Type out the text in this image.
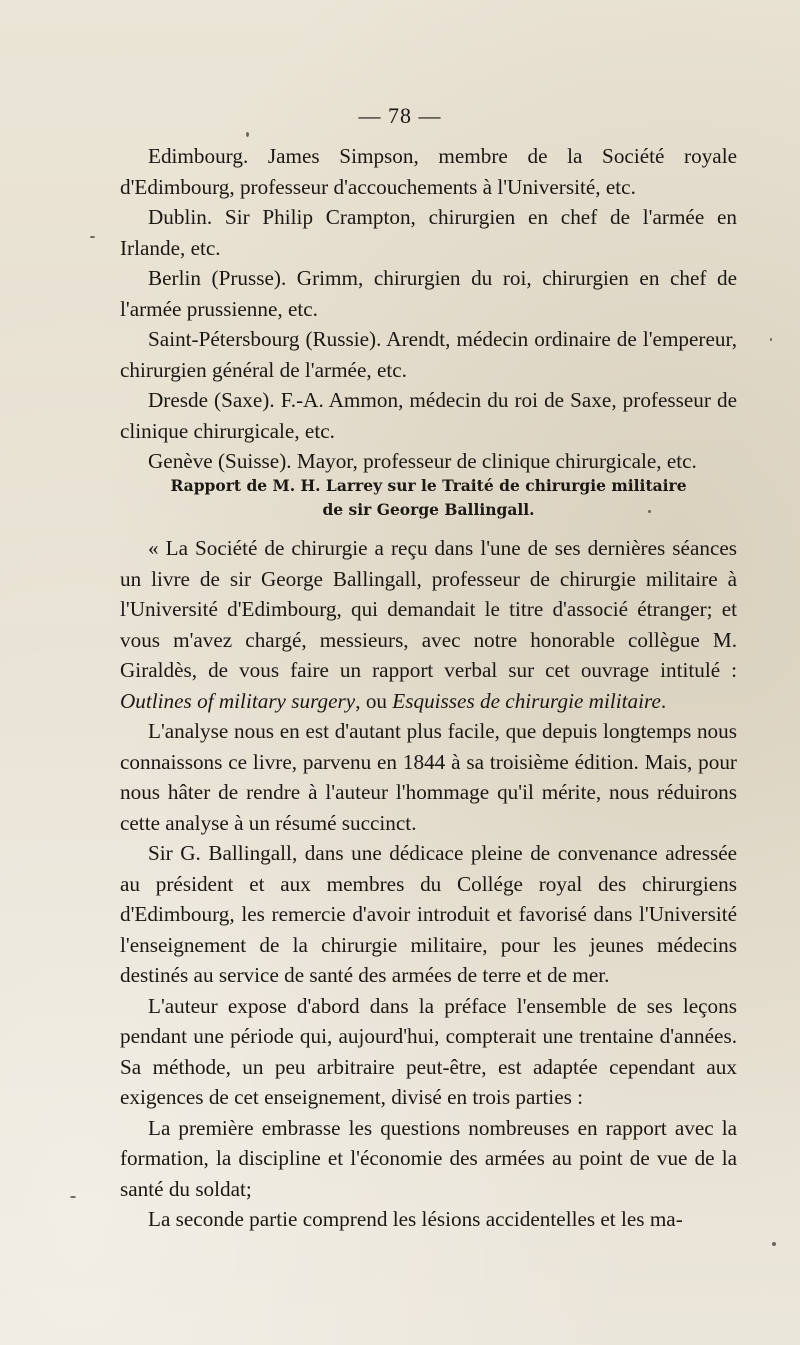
— 78 —

Edimbourg. James Simpson, membre de la Société royale d'Edimbourg, professeur d'accouchements à l'Université, etc.

Dublin. Sir Philip Crampton, chirurgien en chef de l'armée en Irlande, etc.

Berlin (Prusse). Grimm, chirurgien du roi, chirurgien en chef de l'armée prussienne, etc.

Saint-Pétersbourg (Russie). Arendt, médecin ordinaire de l'empereur, chirurgien général de l'armée, etc.

Dresde (Saxe). F.-A. Ammon, médecin du roi de Saxe, professeur de clinique chirurgicale, etc.

Genève (Suisse). Mayor, professeur de clinique chirurgicale, etc.

Rapport de M. H. Larrey sur le Traité de chirurgie militaire
de sir George Ballingall.

« La Société de chirurgie a reçu dans l'une de ses dernières séances un livre de sir George Ballingall, professeur de chirurgie militaire à l'Université d'Edimbourg, qui demandait le titre d'associé étranger; et vous m'avez chargé, messieurs, avec notre honorable collègue M. Giraldès, de vous faire un rapport verbal sur cet ouvrage intitulé : Outlines of military surgery, ou Esquisses de chirurgie militaire.

L'analyse nous en est d'autant plus facile, que depuis longtemps nous connaissons ce livre, parvenu en 1844 à sa troisième édition. Mais, pour nous hâter de rendre à l'auteur l'hommage qu'il mérite, nous réduirons cette analyse à un résumé succinct.

Sir G. Ballingall, dans une dédicace pleine de convenance adressée au président et aux membres du Collége royal des chirurgiens d'Edimbourg, les remercie d'avoir introduit et favorisé dans l'Université l'enseignement de la chirurgie militaire, pour les jeunes médecins destinés au service de santé des armées de terre et de mer.

L'auteur expose d'abord dans la préface l'ensemble de ses leçons pendant une période qui, aujourd'hui, compterait une trentaine d'années. Sa méthode, un peu arbitraire peut-être, est adaptée cependant aux exigences de cet enseignement, divisé en trois parties :

La première embrasse les questions nombreuses en rapport avec la formation, la discipline et l'économie des armées au point de vue de la santé du soldat;

La seconde partie comprend les lésions accidentelles et les ma-
